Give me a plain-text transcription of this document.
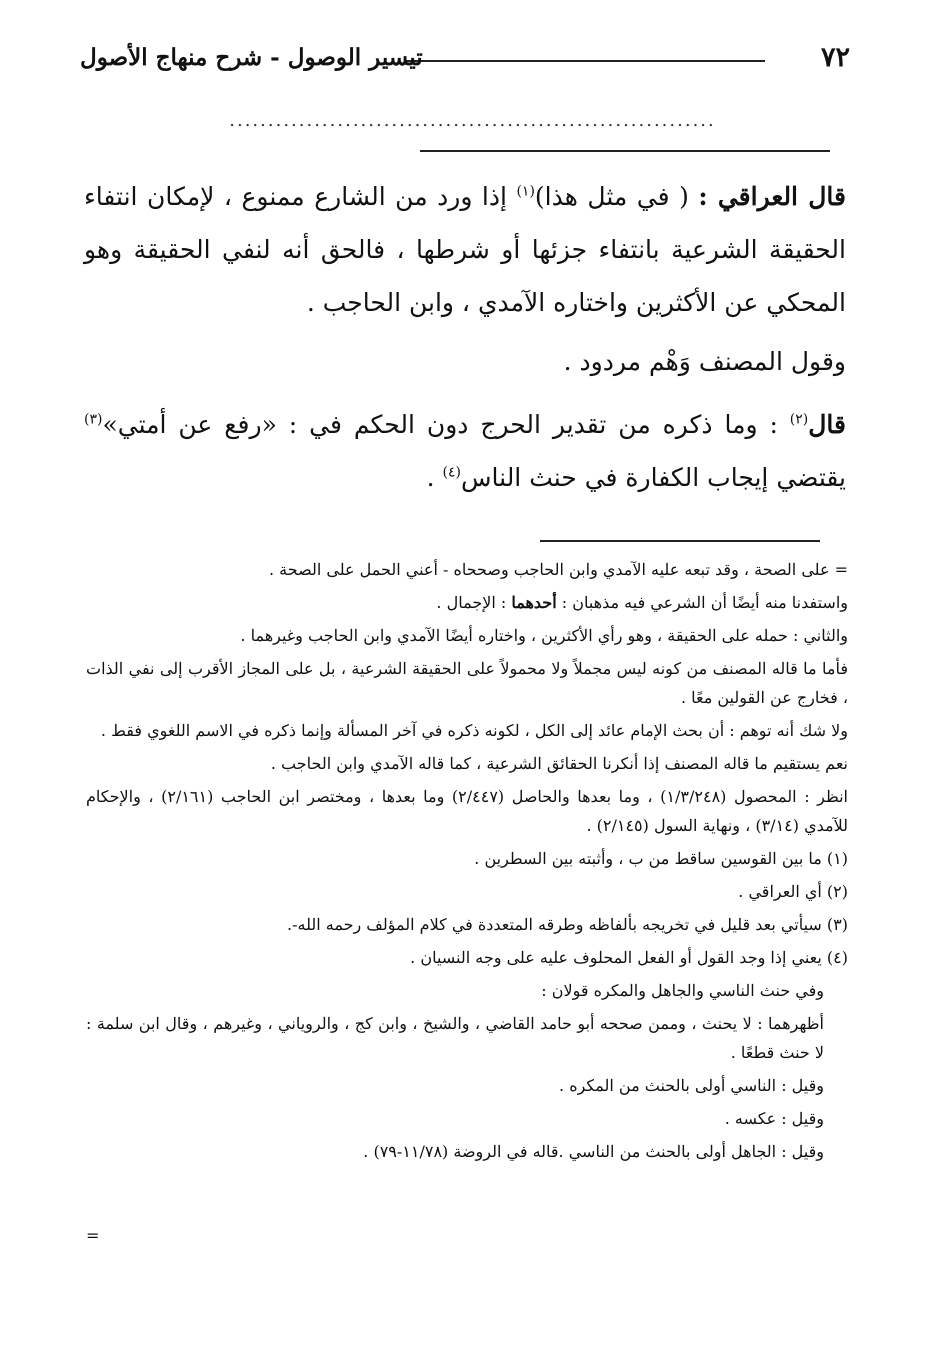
٧٢
تيسير الوصول - شرح منهاج الأصول
...............................................................

قال العراقي : ( في مثل هذا)$^{(١)}$ إذا ورد من الشارع ممنوع ، لإمكان انتفاء الحقيقة الشرعية بانتفاء جزئها أو شرطها ، فالحق أنه لنفي الحقيقة وهو المحكي عن الأكثرين واختاره الآمدي ، وابن الحاجب .

وقول المصنف وَهْم مردود .

قال$^{(٢)}$ : وما ذكره من تقدير الحرج دون الحكم في : «رفع عن أمتي»$^{(٣)}$ يقتضي إيجاب الكفارة في حنث الناس$^{(٤)}$ .

= على الصحة ، وقد تبعه عليه الآمدي وابن الحاجب وصححاه - أعني الحمل على الصحة .

واستفدنا منه أيضًا أن الشرعي فيه مذهبان : أحدهما : الإجمال .

والثاني : حمله على الحقيقة ، وهو رأي الأكثرين ، واختاره أيضًا الآمدي وابن الحاجب وغيرهما .

فأما ما قاله المصنف من كونه ليس مجملاً ولا محمولاً على الحقيقة الشرعية ، بل على المجاز الأقرب إلى نفي الذات ، فخارج عن القولين معًا .

ولا شك أنه توهم : أن بحث الإمام عائد إلى الكل ، لكونه ذكره في آخر المسألة وإنما ذكره في الاسم اللغوي فقط .

نعم يستقيم ما قاله المصنف إذا أنكرنا الحقائق الشرعية ، كما قاله الآمدي وابن الحاجب .

انظر : المحصول (١/٣/٢٤٨) ، وما بعدها والحاصل (٢/٤٤٧) وما بعدها ، ومختصر ابن الحاجب (٢/١٦١) ، والإحكام للآمدي (٣/١٤) ، ونهاية السول (٢/١٤٥) .

(١) ما بين القوسين ساقط من ب ، وأثبته بين السطرين .

(٢) أي العراقي .

(٣) سيأتي بعد قليل في تخريجه بألفاظه وطرقه المتعددة في كلام المؤلف رحمه الله-.

(٤) يعني إذا وجد القول أو الفعل المحلوف عليه على وجه النسيان .

وفي حنث الناسي والجاهل والمكره قولان :

أظهرهما : لا يحنث ، وممن صححه أبو حامد القاضي ، والشيخ ، وابن كج ، والروياني ، وغيرهم ، وقال ابن سلمة : لا حنث قطعًا .

وقيل : الناسي أولى بالحنث من المكره .

وقيل : عكسه .

وقيل : الجاهل أولى بالحنث من الناسي .قاله في الروضة (١١/٧٨-٧٩) .

=
